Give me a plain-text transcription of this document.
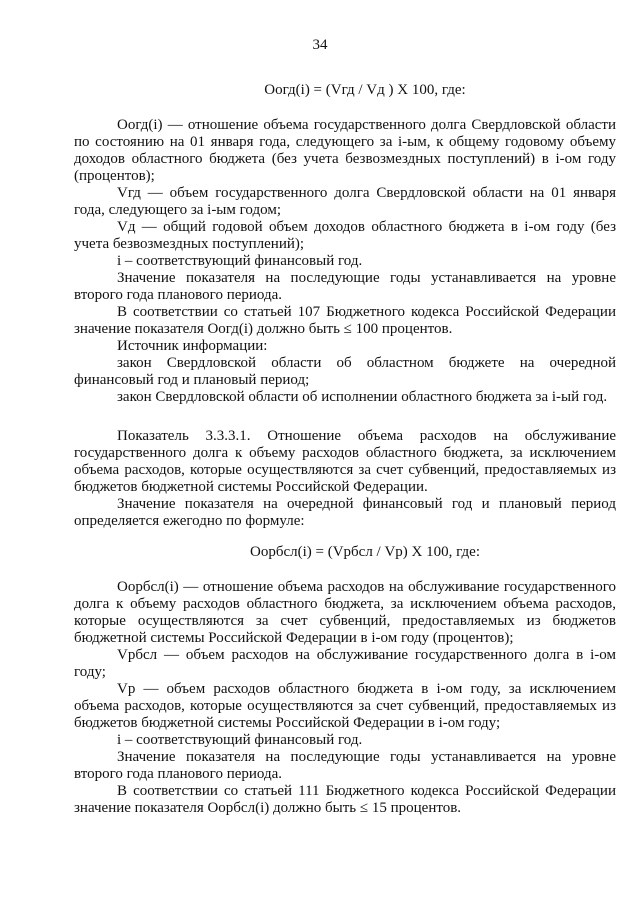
34

Оогд(i) = (Vгд / Vд ) X 100, где:

Оогд(i) — отношение объема государственного долга Свердловской области по состоянию на 01 января года, следующего за i-ым, к общему годовому объему доходов областного бюджета (без учета безвозмездных поступлений) в i-ом году (процентов);

Vгд — объем государственного долга Свердловской области на 01 января года, следующего за i-ым годом;

Vд — общий годовой объем доходов областного бюджета в i-ом году (без учета безвозмездных поступлений);

i – соответствующий финансовый год.

Значение показателя на последующие годы устанавливается на уровне второго года планового периода.

В соответствии со статьей 107 Бюджетного кодекса Российской Федерации значение показателя Оогд(i) должно быть ≤ 100 процентов.

Источник информации:

закон Свердловской области об областном бюджете на очередной финансовый год и плановый период;

закон Свердловской области об исполнении областного бюджета за i-ый год.

Показатель 3.3.3.1. Отношение объема расходов на обслуживание государственного долга к объему расходов областного бюджета, за исключением объема расходов, которые осуществляются за счет субвенций, предоставляемых из бюджетов бюджетной системы Российской Федерации.

Значение показателя на очередной финансовый год и плановый период определяется ежегодно по формуле:

Оорбсл(i) = (Vрбсл / Vр) X 100, где:

Оорбсл(i) — отношение объема расходов на обслуживание государственного долга к объему расходов областного бюджета, за исключением объема расходов, которые осуществляются за счет субвенций, предоставляемых из бюджетов бюджетной системы Российской Федерации в i-ом году (процентов);

Vрбсл — объем расходов на обслуживание государственного долга в i-ом году;

Vр — объем расходов областного бюджета в i-ом году, за исключением объема расходов, которые осуществляются за счет субвенций, предоставляемых из бюджетов бюджетной системы Российской Федерации в i-ом году;

i – соответствующий финансовый год.

Значение показателя на последующие годы устанавливается на уровне второго года планового периода.

В соответствии со статьей 111 Бюджетного кодекса Российской Федерации значение показателя Оорбсл(i) должно быть ≤ 15 процентов.
